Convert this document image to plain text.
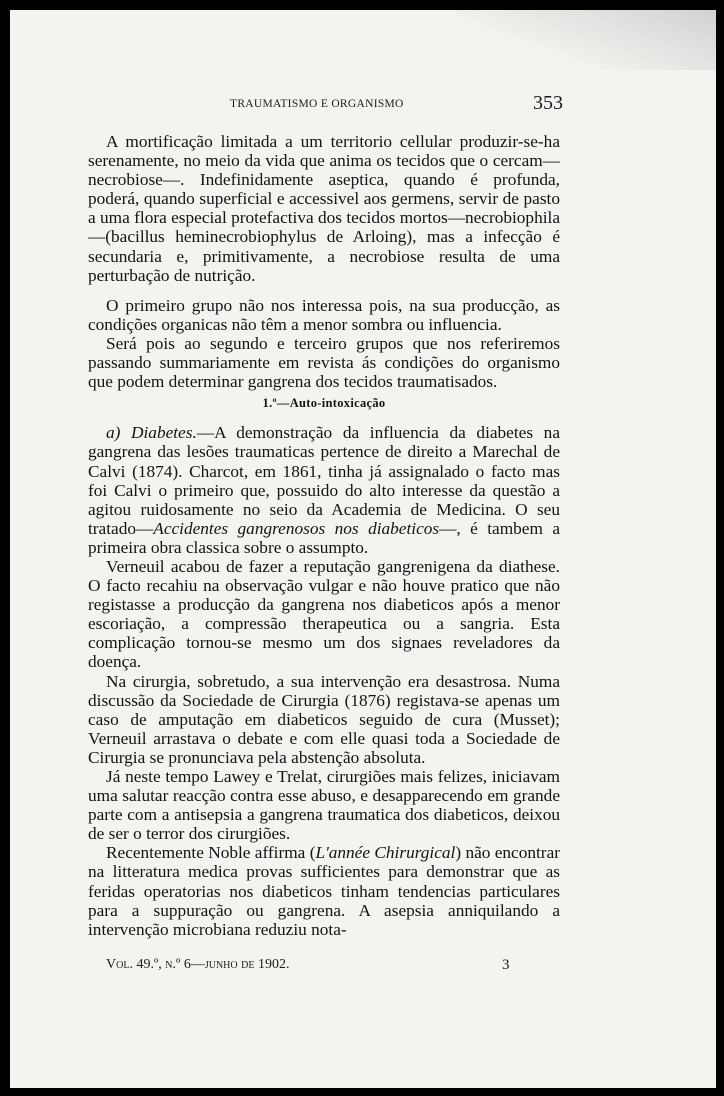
TRAUMATISMO E ORGANISMO	353

A mortificação limitada a um territorio cellular produzir-se-ha serenamente, no meio da vida que anima os tecidos que o cercam—necrobiose—. Indefinidamente aseptica, quando é profunda, poderá, quando superficial e accessivel aos germens, servir de pasto a uma flora especial protefactiva dos tecidos mortos—necrobiophila—(bacillus heminecrobiophylus de Arloing), mas a infecção é secundaria e, primitivamente, a necrobiose resulta de uma perturbação de nutrição.

O primeiro grupo não nos interessa pois, na sua producção, as condições organicas não têm a menor sombra ou influencia.

Será pois ao segundo e terceiro grupos que nos referiremos passando summariamente em revista ás condições do organismo que podem determinar gangrena dos tecidos traumatisados.

1.º—Auto-intoxicação

a) Diabetes.—A demonstração da influencia da diabetes na gangrena das lesões traumaticas pertence de direito a Marechal de Calvi (1874). Charcot, em 1861, tinha já assignalado o facto mas foi Calvi o primeiro que, possuido do alto interesse da questão a agitou ruidosamente no seio da Academia de Medicina. O seu tratado—Accidentes gangrenosos nos diabeticos—, é tambem a primeira obra classica sobre o assumpto.

Verneuil acabou de fazer a reputação gangrenigena da diathese. O facto recahiu na observação vulgar e não houve pratico que não registasse a producção da gangrena nos diabeticos após a menor escoriação, a compressão therapeutica ou a sangria. Esta complicação tornou-se mesmo um dos signaes reveladores da doença.

Na cirurgia, sobretudo, a sua intervenção era desastrosa. Numa discussão da Sociedade de Cirurgia (1876) registava-se apenas um caso de amputação em diabeticos seguido de cura (Musset); Verneuil arrastava o debate e com elle quasi toda a Sociedade de Cirurgia se pronunciava pela abstenção absoluta.

Já neste tempo Lawey e Trelat, cirurgiões mais felizes, iniciavam uma salutar reacção contra esse abuso, e desapparecendo em grande parte com a antisepsia a gangrena traumatica dos diabeticos, deixou de ser o terror dos cirurgiões.

Recentemente Noble affirma (L'année Chirurgical) não encontrar na litteratura medica provas sufficientes para demonstrar que as feridas operatorias nos diabeticos tinham tendencias particulares para a suppuração ou gangrena. A asepsia anniquilando a intervenção microbiana reduziu nota-

Vol. 49.º, n.º 6—junho de 1902.	3
